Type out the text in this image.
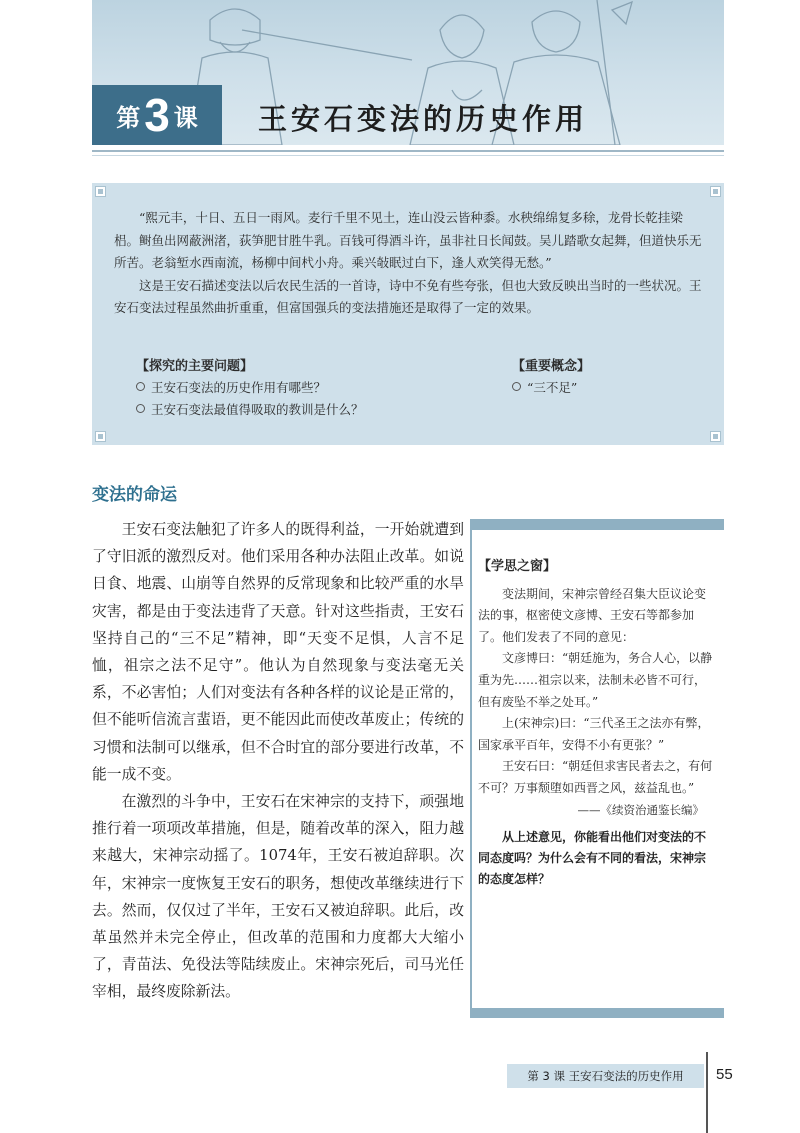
第 3 课 王安石变法的历史作用

“熙元丰，十日、五日一雨风。麦行千里不见土，连山没云皆种黍。水秧绵绵复多稌，龙骨长乾挂梁梠。鲥鱼出网蔽洲渚，荻笋肥甘胜牛乳。百钱可得酒斗许，虽非社日长闻鼓。吴儿踏歌女起舞，但道快乐无所苦。老翁堑水西南流，杨柳中间杙小舟。乘兴敧眠过白下，逢人欢笑得无愁。”

这是王安石描述变法以后农民生活的一首诗，诗中不免有些夸张，但也大致反映出当时的一些状况。王安石变法过程虽然曲折重重，但富国强兵的变法措施还是取得了一定的效果。

【探究的主要问题】
王安石变法的历史作用有哪些？
王安石变法最值得吸取的教训是什么？
【重要概念】
“三不足”
变法的命运

王安石变法触犯了许多人的既得利益，一开始就遭到了守旧派的激烈反对。他们采用各种办法阻止改革。如说日食、地震、山崩等自然界的反常现象和比较严重的水旱灾害，都是由于变法违背了天意。针对这些指责，王安石坚持自己的“三不足”精神，即“天变不足惧，人言不足恤，祖宗之法不足守”。他认为自然现象与变法毫无关系，不必害怕；人们对变法有各种各样的议论是正常的，但不能听信流言蜚语，更不能因此而使改革废止；传统的习惯和法制可以继承，但不合时宜的部分要进行改革，不能一成不变。

在激烈的斗争中，王安石在宋神宗的支持下，顽强地推行着一项项改革措施，但是，随着改革的深入，阻力越来越大，宋神宗动摇了。1074年，王安石被迫辞职。次年，宋神宗一度恢复王安石的职务，想使改革继续进行下去。然而，仅仅过了半年，王安石又被迫辞职。此后，改革虽然并未完全停止，但改革的范围和力度都大大缩小了，青苗法、免役法等陆续废止。宋神宗死后，司马光任宰相，最终废除新法。

【学思之窗】

变法期间，宋神宗曾经召集大臣议论变法的事，枢密使文彦博、王安石等都参加了。他们发表了不同的意见：

文彦博曰：“朝廷施为，务合人心，以静重为先……祖宗以来，法制未必皆不可行，但有废坠不举之处耳。”

上(宋神宗)曰：“三代圣王之法亦有弊，国家承平百年，安得不小有更张？”

王安石曰：“朝廷但求害民者去之，有何不可？万事颓堕如西晋之风，兹益乱也。”

——《续资治通鉴长编》
从上述意见，你能看出他们对变法的不同态度吗？为什么会有不同的看法，宋神宗的态度怎样？
第 3 课 王安石变法的历史作用	55
